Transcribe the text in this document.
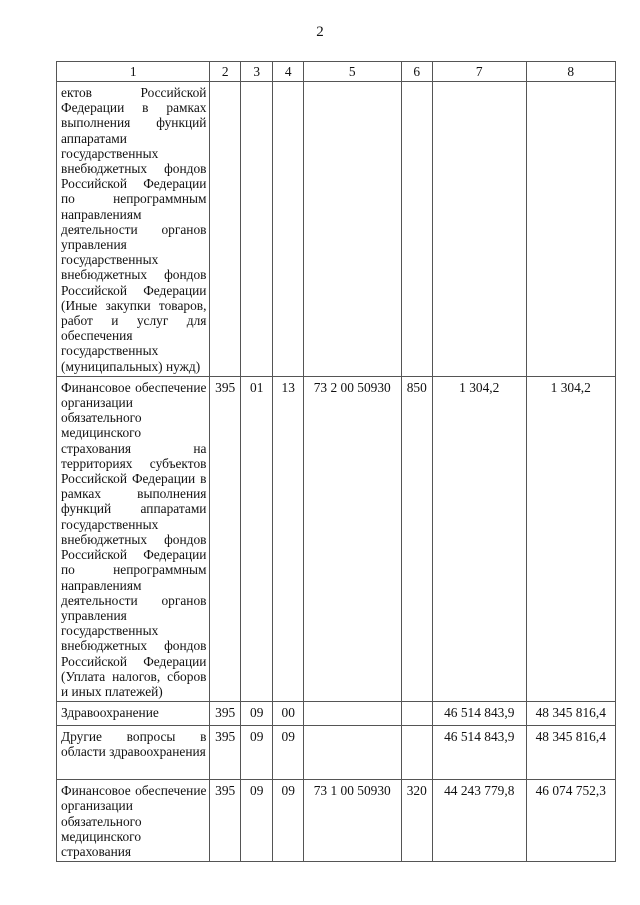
2
1	2	3	4	5	6	7	8
ектов Российской Федерации в рамках выполнения функций аппаратами государственных внебюджетных фондов Российской Федерации по непрограммным направлениям деятельности органов управления государственных внебюджетных фондов Российской Федерации (Иные закупки товаров, работ и услуг для обеспечения государственных (муниципальных) нужд)							
Финансовое обеспечение организации обязательного медицинского страхования на территориях субъектов Российской Федерации в рамках выполнения функций аппаратами государственных внебюджетных фондов Российской Федерации по непрограммным направлениям деятельности органов управления государственных внебюджетных фондов Российской Федерации (Уплата налогов, сборов и иных платежей)	395	01	13	73 2 00 50930	850	1 304,2	1 304,2
Здравоохранение	395	09	00			46 514 843,9	48 345 816,4
Другие вопросы в области здравоохранения	395	09	09			46 514 843,9	48 345 816,4
Финансовое обеспечение организации обязательного медицинского страхования	395	09	09	73 1 00 50930	320	44 243 779,8	46 074 752,3
